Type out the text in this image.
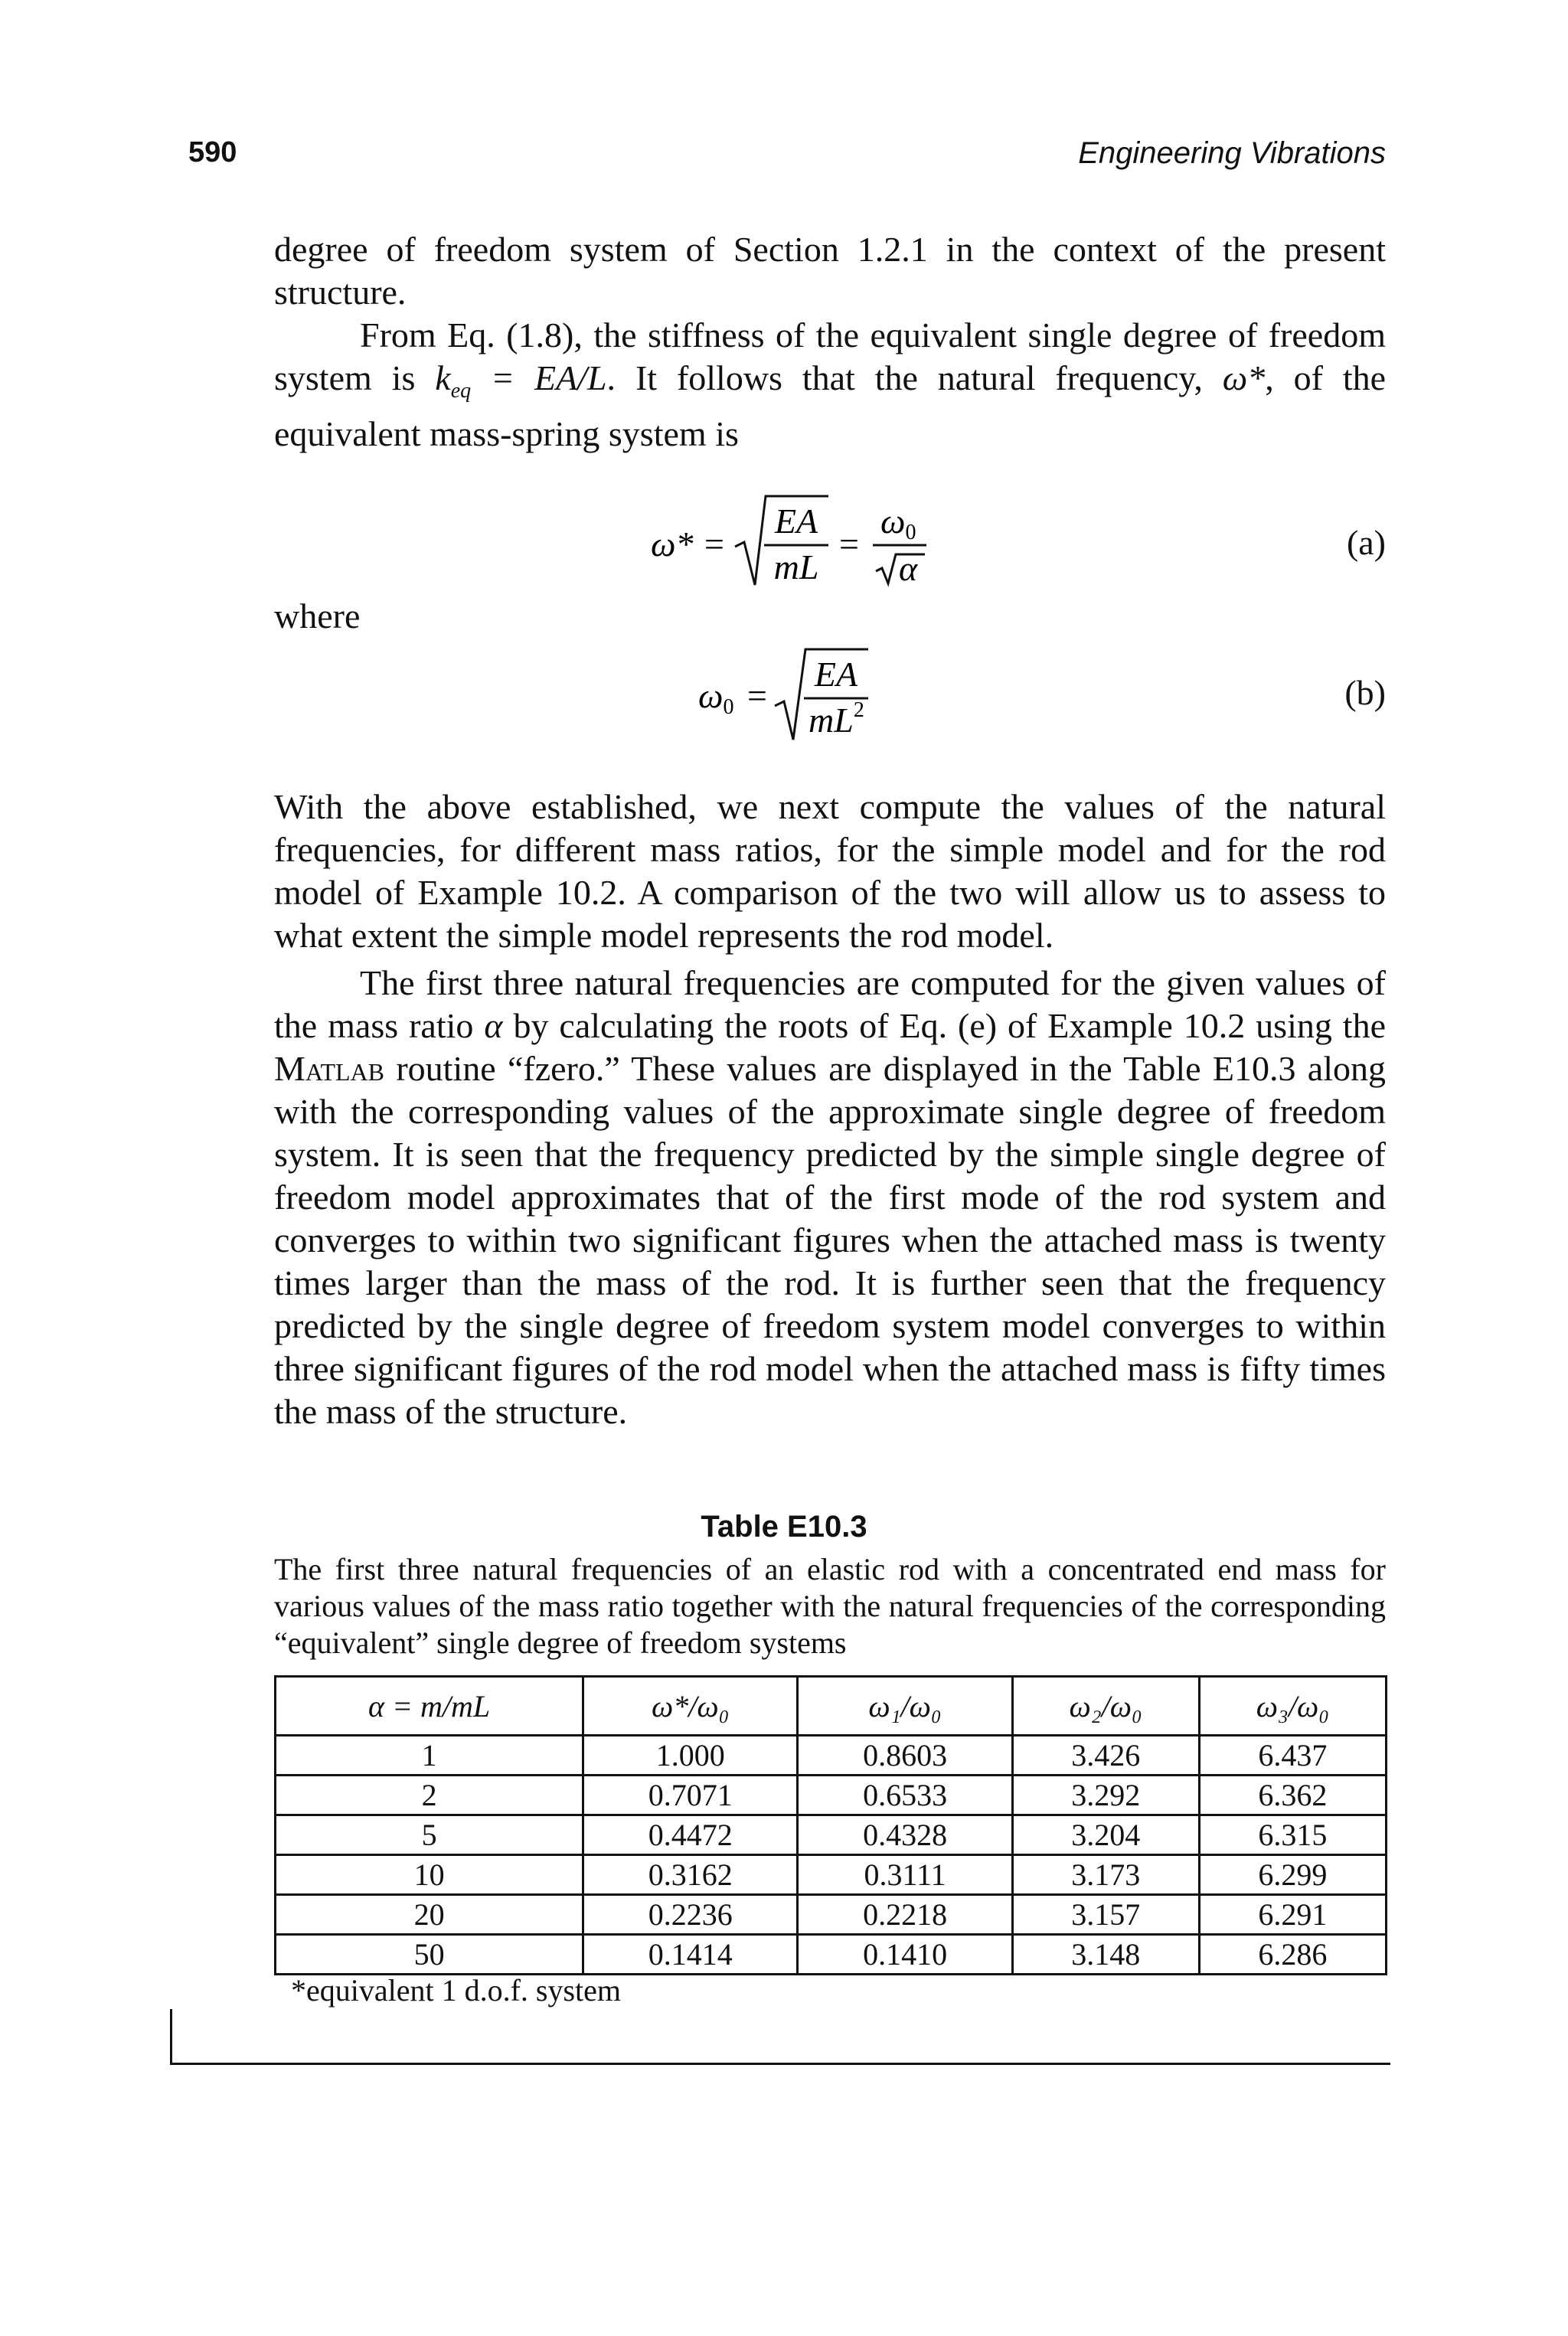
590	Engineering Vibrations

degree of freedom system of Section 1.2.1 in the context of the present structure.

From Eq. (1.8), the stiffness of the equivalent single degree of freedom system is $k_{eq} = EA/L$. It follows that the natural frequency, ω*, of the equivalent mass-spring system is

ω* =
EA
mL
=
ω0
α
(a)
where
ω0 =
EA
$mL^2$	(b)

With the above established, we next compute the values of the natural frequencies, for different mass ratios, for the simple model and for the rod model of Example 10.2. A comparison of the two will allow us to assess to what extent the simple model represents the rod model.

The first three natural frequencies are computed for the given values of the mass ratio α by calculating the roots of Eq. (e) of Example 10.2 using the Matlab routine “fzero.” These values are displayed in the Table E10.3 along with the corresponding values of the approximate single degree of freedom system. It is seen that the frequency predicted by the simple single degree of freedom model approximates that of the first mode of the rod system and converges to within two significant figures when the attached mass is twenty times larger than the mass of the rod. It is further seen that the frequency predicted by the single degree of freedom system model converges to within three significant figures of the rod model when the attached mass is fifty times the mass of the structure.

Table E10.3

The first three natural frequencies of an elastic rod with a concentrated end mass for various values of the mass ratio together with the natural frequencies of the corresponding “equivalent” single degree of freedom systems

α = m/mL	ω*/ω₀	ω₁/ω₀	ω₂/ω₀	ω₃/ω₀
1	1.000	0.8603	3.426	6.437
2	0.7071	0.6533	3.292	6.362
5	0.4472	0.4328	3.204	6.315
10	0.3162	0.3111	3.173	6.299
20	0.2236	0.2218	3.157	6.291
50	0.1414	0.1410	3.148	6.286
*equivalent 1 d.o.f. system
